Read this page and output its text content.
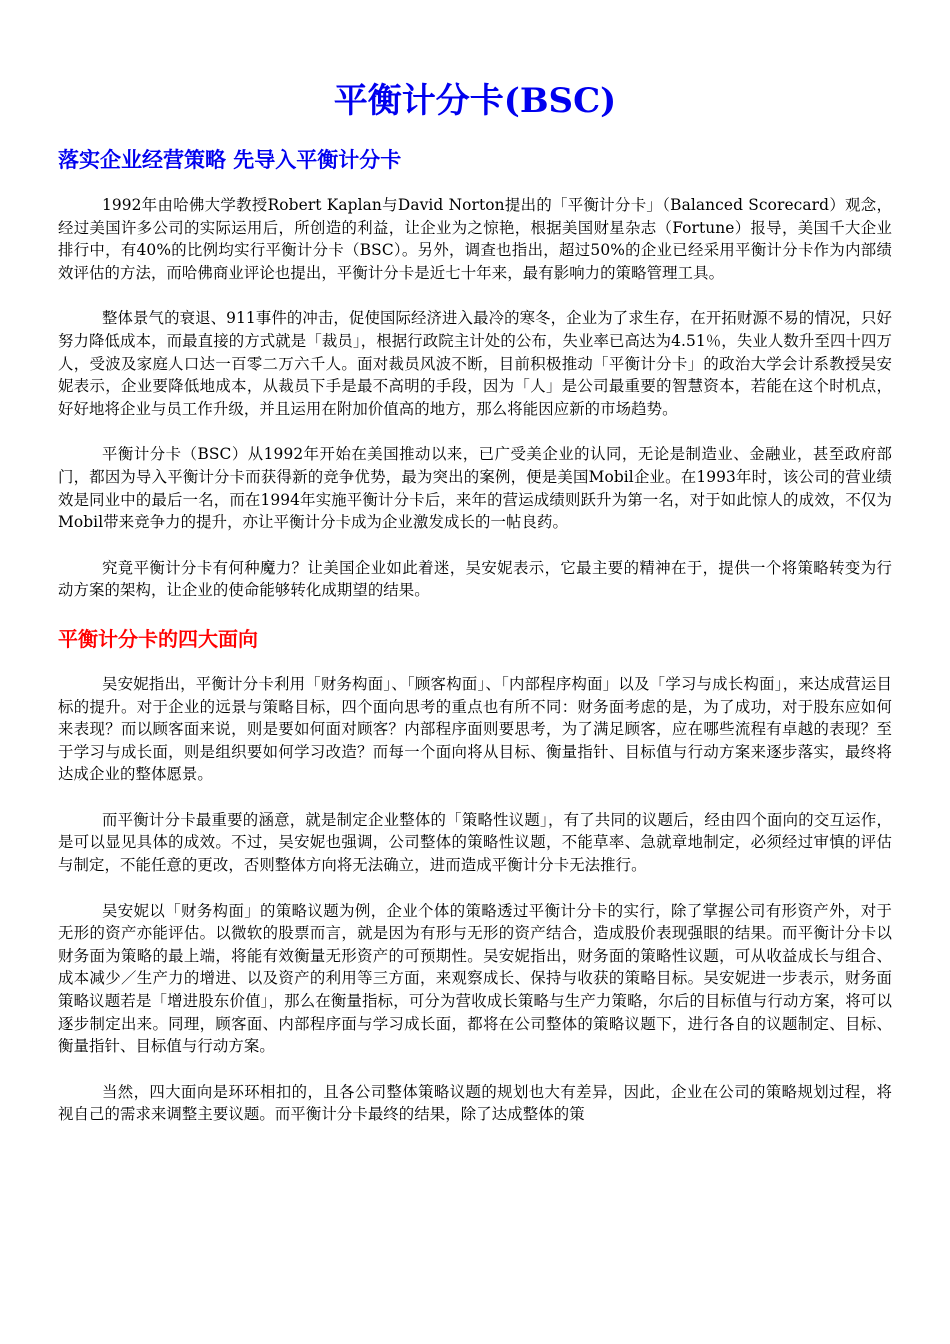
平衡计分卡(BSC)
落实企业经营策略 先导入平衡计分卡

1992年由哈佛大学教授Robert Kaplan与David Norton提出的「平衡计分卡」（Balanced Scorecard）观念，经过美国许多公司的实际运用后，所创造的利益，让企业为之惊艳，根据美国财星杂志（Fortune）报导，美国千大企业排行中，有40%的比例均实行平衡计分卡（BSC）。另外，调查也指出，超过50%的企业已经采用平衡计分卡作为内部绩效评估的方法，而哈佛商业评论也提出，平衡计分卡是近七十年来，最有影响力的策略管理工具。

整体景气的衰退、911事件的冲击，促使国际经济进入最冷的寒冬，企业为了求生存，在开拓财源不易的情况，只好努力降低成本，而最直接的方式就是「裁员」，根据行政院主计处的公布，失业率已高达为4.51％，失业人数升至四十四万人，受波及家庭人口达一百零二万六千人。面对裁员风波不断，目前积极推动「平衡计分卡」的政治大学会计系教授吴安妮表示，企业要降低地成本，从裁员下手是最不高明的手段，因为「人」是公司最重要的智慧资本，若能在这个时机点，好好地将企业与员工作升级，并且运用在附加价值高的地方，那么将能因应新的市场趋势。

平衡计分卡（BSC）从1992年开始在美国推动以来，已广受美企业的认同，无论是制造业、金融业，甚至政府部门，都因为导入平衡计分卡而获得新的竞争优势，最为突出的案例，便是美国Mobil企业。在1993年时，该公司的营业绩效是同业中的最后一名，而在1994年实施平衡计分卡后，来年的营运成绩则跃升为第一名，对于如此惊人的成效，不仅为Mobil带来竞争力的提升，亦让平衡计分卡成为企业激发成长的一帖良药。

究竟平衡计分卡有何种魔力？让美国企业如此着迷，吴安妮表示，它最主要的精神在于，提供一个将策略转变为行动方案的架构，让企业的使命能够转化成期望的结果。

平衡计分卡的四大面向

吴安妮指出，平衡计分卡利用「财务构面」、「顾客构面」、「内部程序构面」以及「学习与成长构面」，来达成营运目标的提升。对于企业的远景与策略目标，四个面向思考的重点也有所不同：财务面考虑的是，为了成功，对于股东应如何来表现？而以顾客面来说，则是要如何面对顾客？内部程序面则要思考，为了满足顾客，应在哪些流程有卓越的表现？至于学习与成长面，则是组织要如何学习改造？而每一个面向将从目标、衡量指针、目标值与行动方案来逐步落实，最终将达成企业的整体愿景。

而平衡计分卡最重要的涵意，就是制定企业整体的「策略性议题」，有了共同的议题后，经由四个面向的交互运作，是可以显见具体的成效。不过，吴安妮也强调，公司整体的策略性议题，不能草率、急就章地制定，必须经过审慎的评估与制定，不能任意的更改，否则整体方向将无法确立，进而造成平衡计分卡无法推行。

吴安妮以「财务构面」的策略议题为例，企业个体的策略透过平衡计分卡的实行，除了掌握公司有形资产外，对于无形的资产亦能评估。以微软的股票而言，就是因为有形与无形的资产结合，造成股价表现强眼的结果。而平衡计分卡以财务面为策略的最上端，将能有效衡量无形资产的可预期性。吴安妮指出，财务面的策略性议题，可从收益成长与组合、成本减少／生产力的增进、以及资产的利用等三方面，来观察成长、保持与收获的策略目标。吴安妮进一步表示，财务面策略议题若是「增进股东价值」，那么在衡量指标，可分为营收成长策略与生产力策略，尔后的目标值与行动方案，将可以逐步制定出来。同理，顾客面、内部程序面与学习成长面，都将在公司整体的策略议题下，进行各自的议题制定、目标、衡量指针、目标值与行动方案。

当然，四大面向是环环相扣的，且各公司整体策略议题的规划也大有差异，因此，企业在公司的策略规划过程，将视自己的需求来调整主要议题。而平衡计分卡最终的结果，除了达成整体的策
